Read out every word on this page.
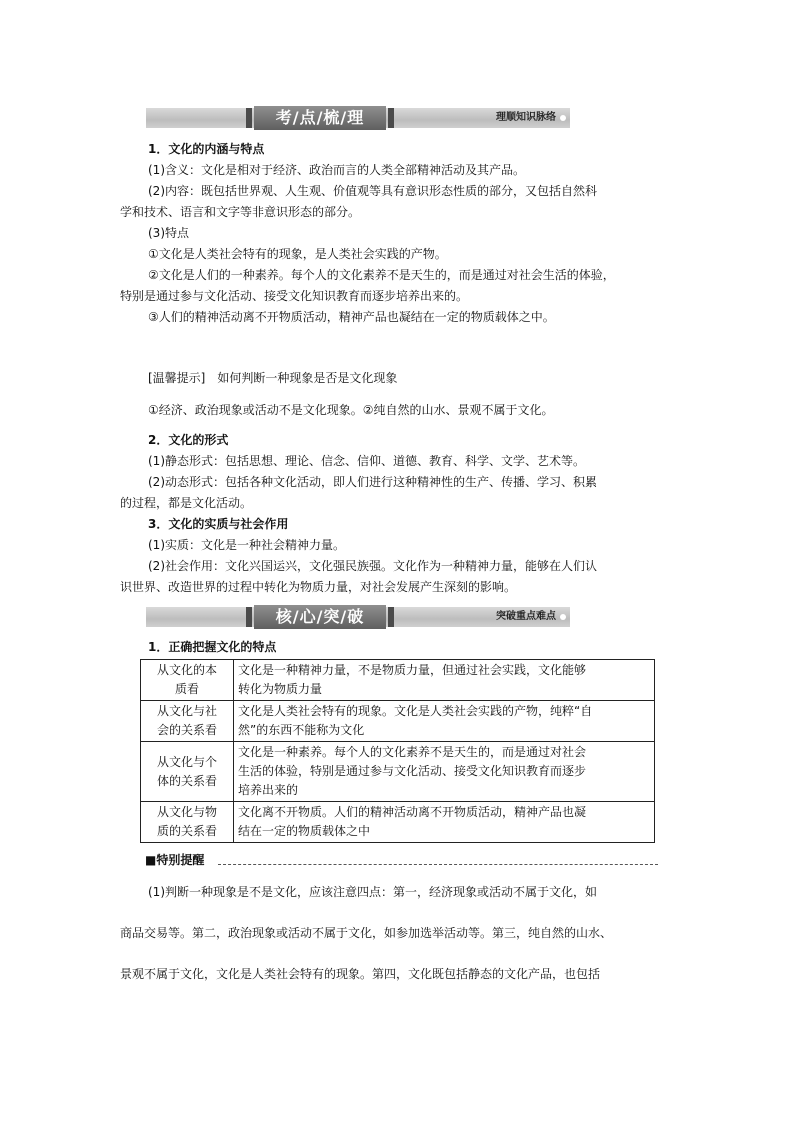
考/点/梳/理	理顺知识脉络
1．文化的内涵与特点
(1)含义：文化是相对于经济、政治而言的人类全部精神活动及其产品。
(2)内容：既包括世界观、人生观、价值观等具有意识形态性质的部分，又包括自然科
学和技术、语言和文字等非意识形态的部分。
(3)特点
①文化是人类社会特有的现象，是人类社会实践的产物。
②文化是人们的一种素养。每个人的文化素养不是天生的，而是通过对社会生活的体验，
特别是通过参与文化活动、接受文化知识教育而逐步培养出来的。
③人们的精神活动离不开物质活动，精神产品也凝结在一定的物质载体之中。
[温馨提示]　如何判断一种现象是否是文化现象
①经济、政治现象或活动不是文化现象。②纯自然的山水、景观不属于文化。
2．文化的形式
(1)静态形式：包括思想、理论、信念、信仰、道德、教育、科学、文学、艺术等。
(2)动态形式：包括各种文化活动，即人们进行这种精神性的生产、传播、学习、积累
的过程，都是文化活动。
3．文化的实质与社会作用
(1)实质：文化是一种社会精神力量。
(2)社会作用：文化兴国运兴，文化强民族强。文化作为一种精神力量，能够在人们认
识世界、改造世界的过程中转化为物质力量，对社会发展产生深刻的影响。
核/心/突/破	突破重点难点
1．正确把握文化的特点
从文化的本
质看	文化是一种精神力量，不是物质力量，但通过社会实践，文化能够
转化为物质力量
从文化与社
会的关系看	文化是人类社会特有的现象。文化是人类社会实践的产物，纯粹“自
然”的东西不能称为文化
从文化与个
体的关系看	文化是一种素养。每个人的文化素养不是天生的，而是通过对社会
生活的体验，特别是通过参与文化活动、接受文化知识教育而逐步
培养出来的
从文化与物
质的关系看	文化离不开物质。人们的精神活动离不开物质活动，精神产品也凝
结在一定的物质载体之中
■特别提醒
(1)判断一种现象是不是文化，应该注意四点：第一，经济现象或活动不属于文化，如
商品交易等。第二，政治现象或活动不属于文化，如参加选举活动等。第三，纯自然的山水、
景观不属于文化，文化是人类社会特有的现象。第四，文化既包括静态的文化产品，也包括
